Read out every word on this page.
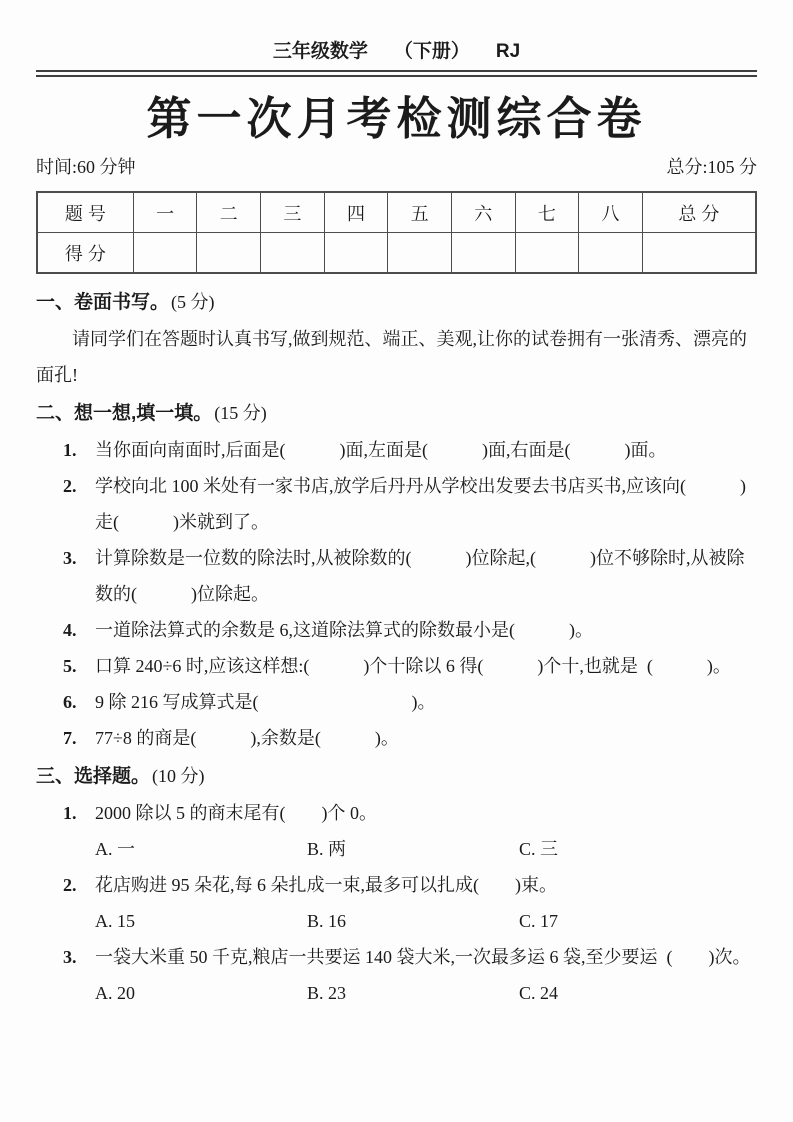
三年级数学 （下册） RJ
第一次月考检测综合卷
时间:60 分钟	总分:105 分
题 号	一	二	三	四	五	六	七	八	总 分
得 分									
一、卷面书写。 (5 分)
请同学们在答题时认真书写,做到规范、端正、美观,让你的试卷拥有一张清秀、漂亮的面孔!
二、想一想,填一填。 (15 分)
1.	当你面向南面时,后面是(            )面,左面是(            )面,右面是(            )面。
2.	学校向北 100 米处有一家书店,放学后丹丹从学校出发要去书店买书,应该向(            )走(            )米就到了。
3.	计算除数是一位数的除法时,从被除数的(            )位除起,(            )位不够除时,从被除数的(            )位除起。
4.	一道除法算式的余数是 6,这道除法算式的除数最小是(            )。
5.	口算 240÷6 时,应该这样想:(            )个十除以 6 得(            )个十,也就是  (            )。
6.	9 除 216 写成算式是(                                  )。
7.	77÷8 的商是(            ),余数是(            )。
三、选择题。 (10 分)
1.	2000 除以 5 的商末尾有(        )个 0。
A. 一	B. 两	C. 三
2.	花店购进 95 朵花,每 6 朵扎成一束,最多可以扎成(        )束。
A. 15	B. 16	C. 17
3.	一袋大米重 50 千克,粮店一共要运 140 袋大米,一次最多运 6 袋,至少要运  (        )次。
A. 20	B. 23	C. 24
